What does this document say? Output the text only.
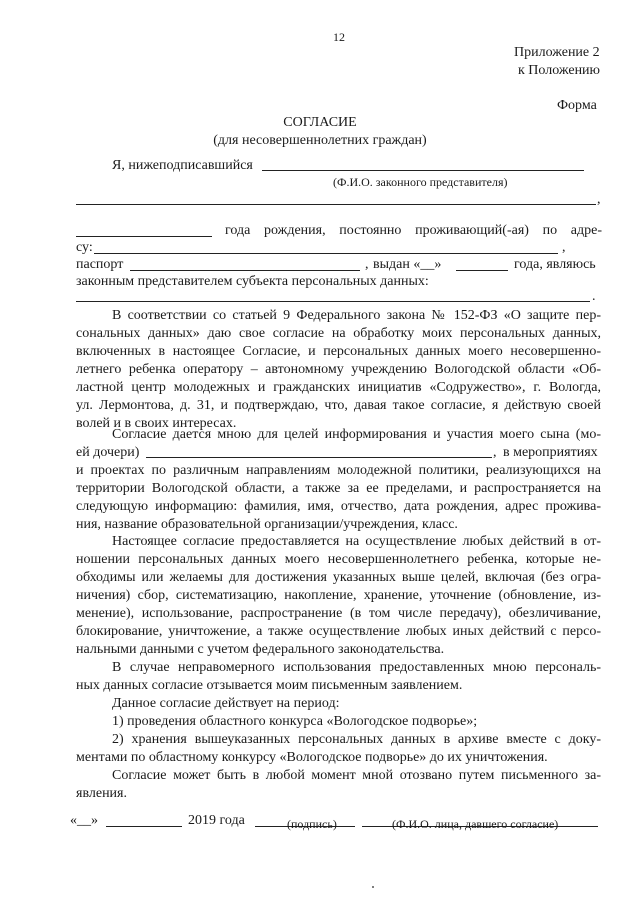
12
Приложение 2
к Положению
Форма
СОГЛАСИЕ
(для несовершеннолетних граждан)
Я, нижеподписавшийся
(Ф.И.О. законного представителя)
,
года рождения, постоянно проживающий(-ая) по адре-
су:	,
паспорт	, выдан «__»	года, являюсь
законным представителем субъекта персональных данных:
.
В соответствии со статьей 9 Федерального закона № 152-ФЗ «О защите пер-
сональных данных» даю свое согласие на обработку моих персональных данных,
включенных в настоящее Согласие, и персональных данных моего несовершенно-
летнего ребенка оператору – автономному учреждению Вологодской области «Об-
ластной центр молодежных и гражданских инициатив «Содружество», г. Вологда,
ул. Лермонтова, д. 31, и подтверждаю, что, давая такое согласие, я действую своей
волей и в своих интересах.
Согласие дается мною для целей информирования и участия моего сына (мо-
ей дочери)	, в мероприятиях
и проектах по различным направлениям молодежной политики, реализующихся на
территории Вологодской области, а также за ее пределами, и распространяется на
следующую информацию: фамилия, имя, отчество, дата рождения, адрес прожива-
ния, название образовательной организации/учреждения, класс.
Настоящее согласие предоставляется на осуществление любых действий в от-
ношении персональных данных моего несовершеннолетнего ребенка, которые не-
обходимы или желаемы для достижения указанных выше целей, включая (без огра-
ничения) сбор, систематизацию, накопление, хранение, уточнение (обновление, из-
менение), использование, распространение (в том числе передачу), обезличивание,
блокирование, уничтожение, а также осуществление любых иных действий с персо-
нальными данными с учетом федерального законодательства.
В случае неправомерного использования предоставленных мною персональ-
ных данных согласие отзывается моим письменным заявлением.
Данное согласие действует на период:
1) проведения областного конкурса «Вологодское подворье»;
2) хранения вышеуказанных персональных данных в архиве вместе с доку-
ментами по областному конкурсу «Вологодское подворье» до их уничтожения.
Согласие может быть в любой момент мной отозвано путем письменного за-
явления.
«__»	2019 года	(подпись)	(Ф.И.О. лица, давшего согласие)
